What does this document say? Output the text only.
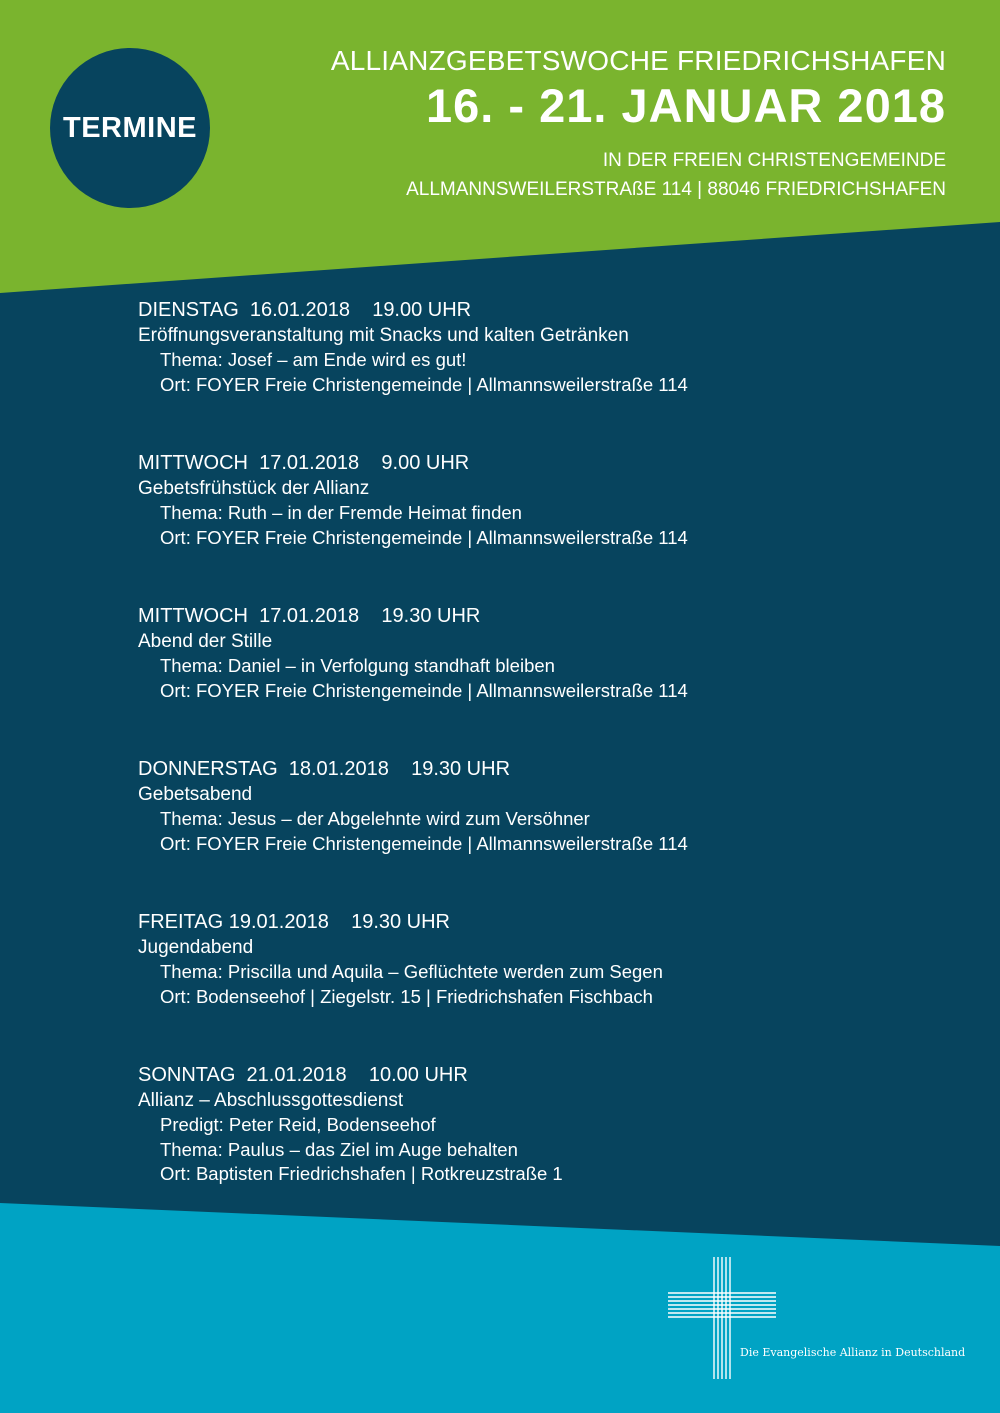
TERMINE
ALLIANZGEBETSWOCHE FRIEDRICHSHAFEN
16. - 21. JANUAR 2018
IN DER FREIEN CHRISTENGEMEINDE
ALLMANNSWEILERSTRAßE 114 | 88046 FRIEDRICHSHAFEN
DIENSTAG  16.01.2018    19.00 UHR
Eröffnungsveranstaltung mit Snacks und kalten Getränken
Thema: Josef – am Ende wird es gut!
Ort: FOYER Freie Christengemeinde | Allmannsweilerstraße 114
MITTWOCH  17.01.2018    9.00 UHR
Gebetsfrühstück der Allianz
Thema: Ruth – in der Fremde Heimat finden
Ort: FOYER Freie Christengemeinde | Allmannsweilerstraße 114
MITTWOCH  17.01.2018    19.30 UHR
Abend der Stille
Thema: Daniel – in Verfolgung standhaft bleiben
Ort: FOYER Freie Christengemeinde | Allmannsweilerstraße 114
DONNERSTAG  18.01.2018    19.30 UHR
Gebetsabend
Thema: Jesus – der Abgelehnte wird zum Versöhner
Ort: FOYER Freie Christengemeinde | Allmannsweilerstraße 114
FREITAG 19.01.2018    19.30 UHR
Jugendabend
Thema: Priscilla und Aquila – Geflüchtete werden zum Segen
Ort: Bodenseehof | Ziegelstr. 15 | Friedrichshafen Fischbach
SONNTAG  21.01.2018    10.00 UHR
Allianz – Abschlussgottesdienst
Predigt: Peter Reid, Bodenseehof
Thema: Paulus – das Ziel im Auge behalten
Ort: Baptisten Friedrichshafen | Rotkreuzstraße 1
Die Evangelische Allianz in Deutschland
